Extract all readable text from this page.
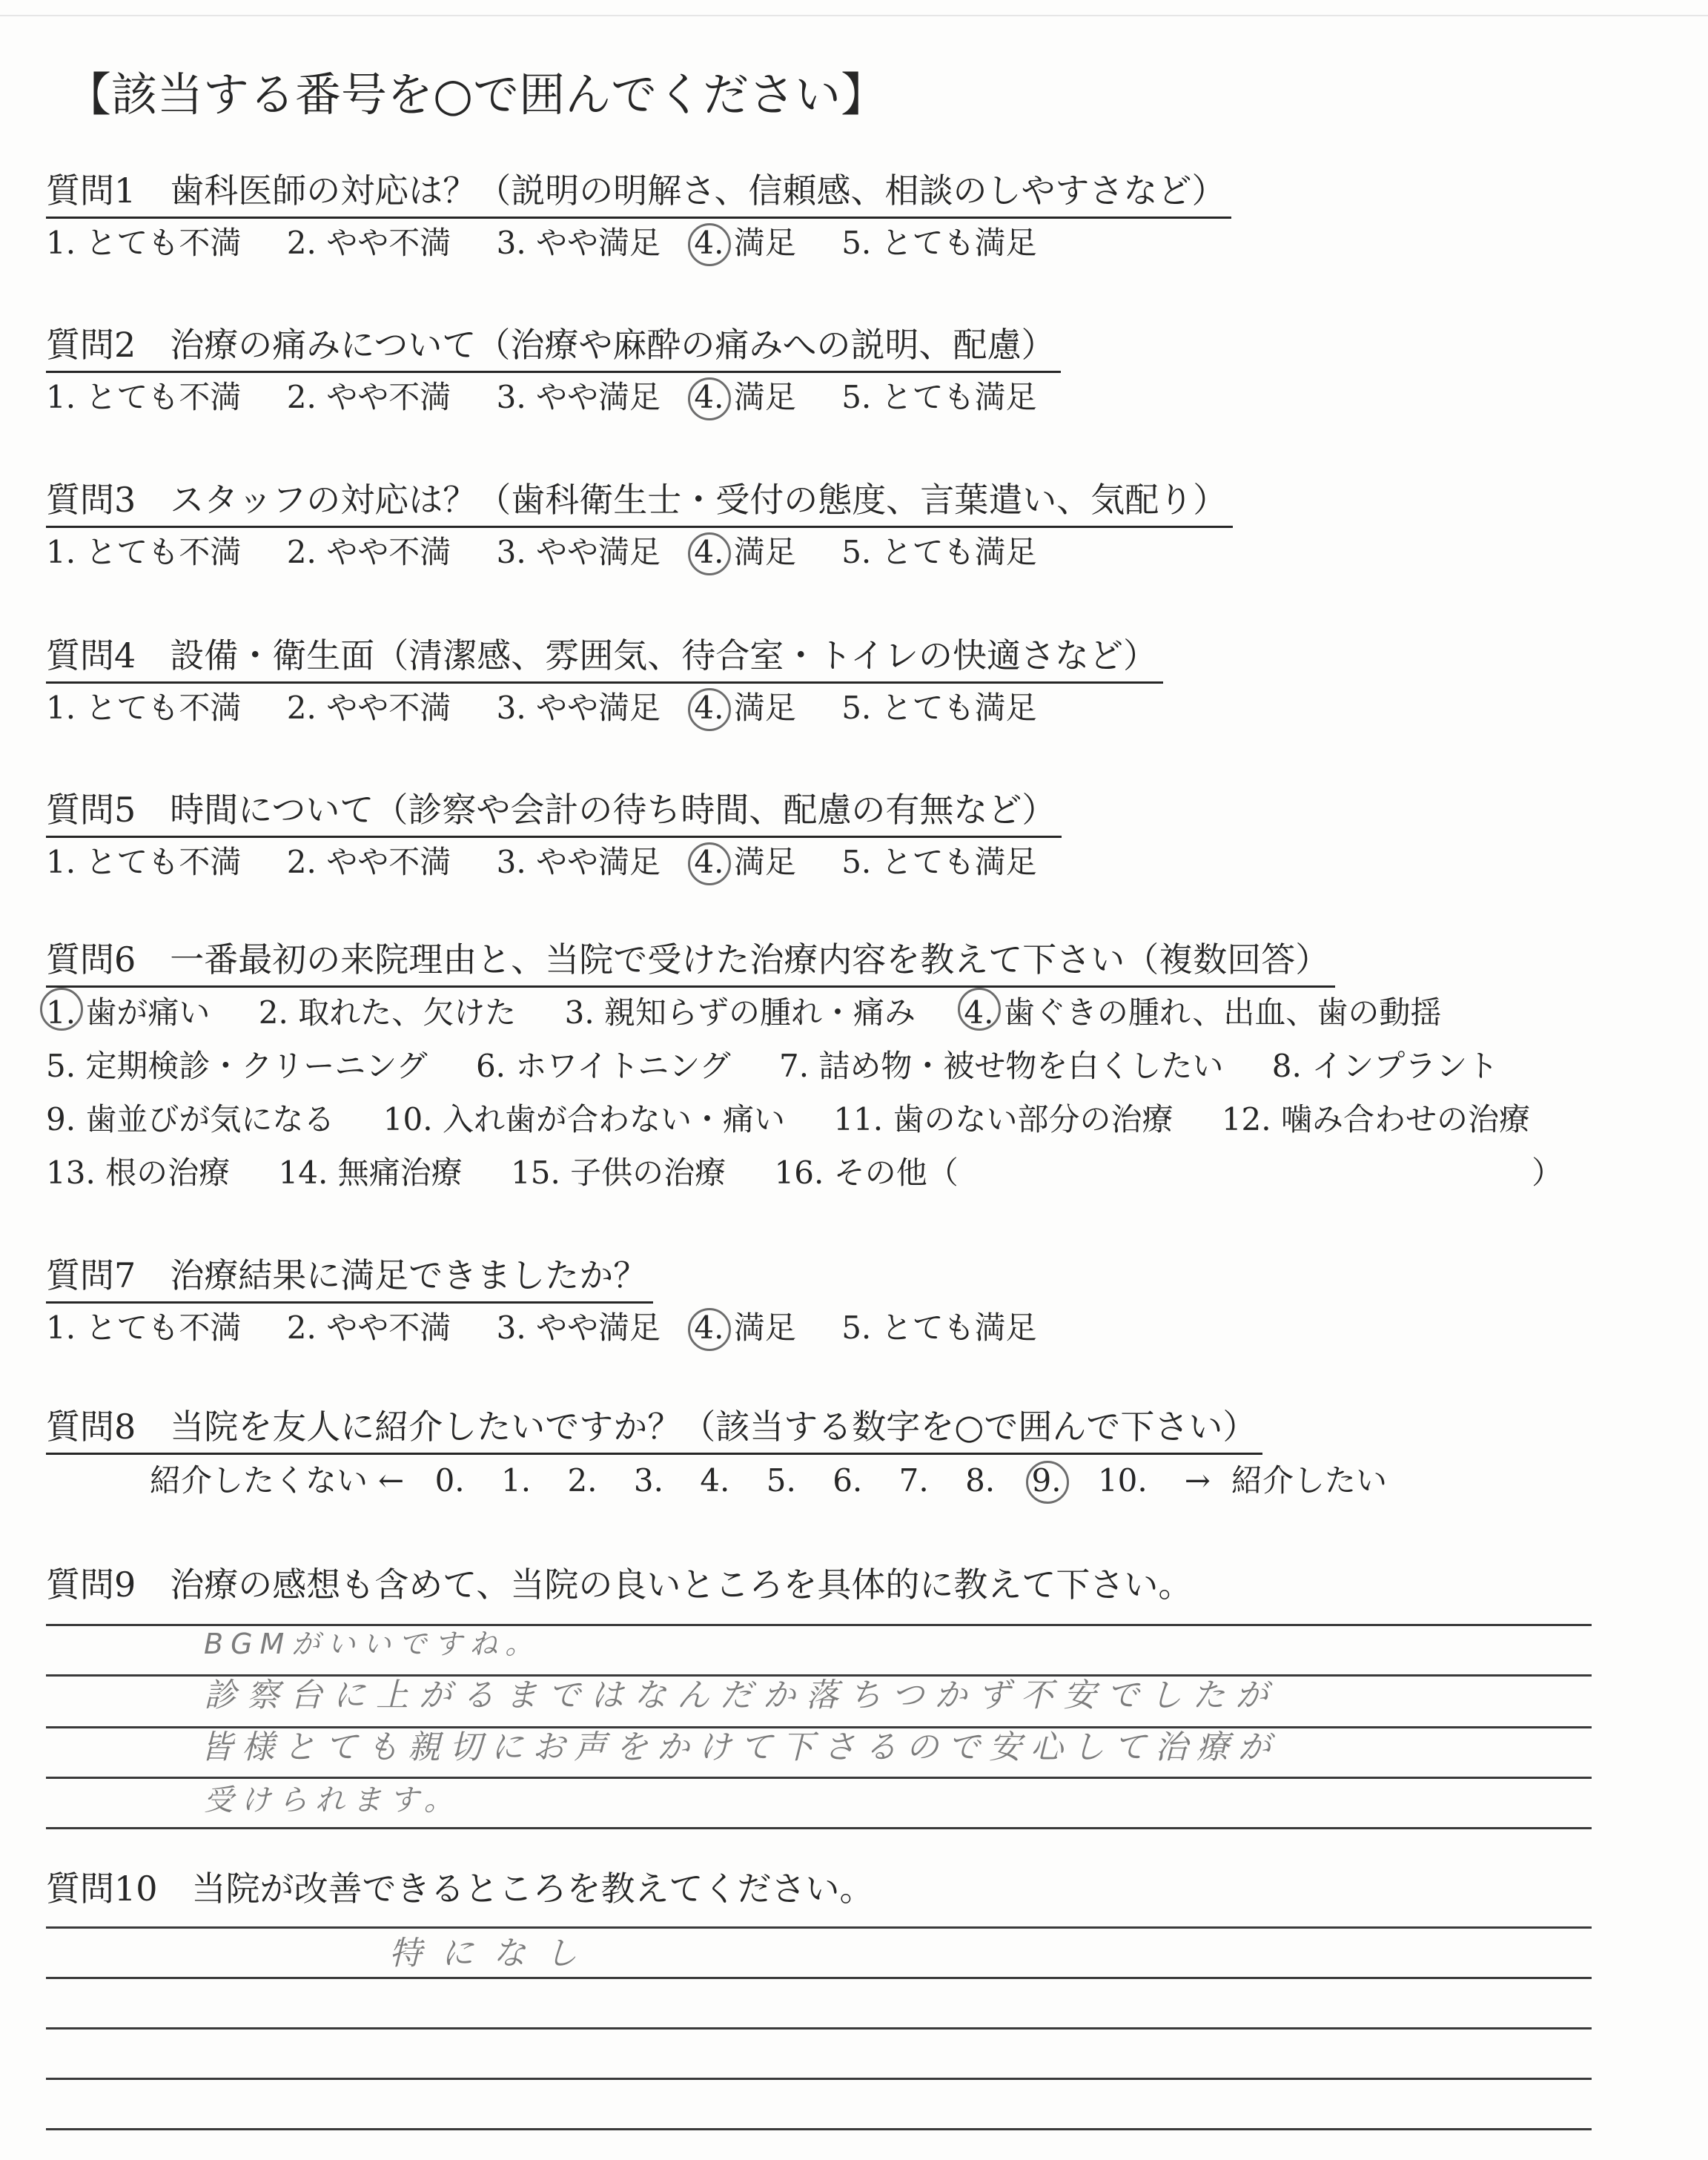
【該当する番号を○で囲んでください】
質問1　 歯科医師の対応は？（説明の明解さ、信頼感、相談のしやすさなど）
1. とても不満 2. やや不満 3. やや満足 4. 満足 5. とても満足
質問2　 治療の痛みについて（治療や麻酔の痛みへの説明、配慮）
1. とても不満 2. やや不満 3. やや満足 4. 満足 5. とても満足
質問3　 スタッフの対応は？（歯科衛生士・受付の態度、言葉遣い、気配り）
1. とても不満 2. やや不満 3. やや満足 4. 満足 5. とても満足
質問4　 設備・衛生面（清潔感、雰囲気、待合室・トイレの快適さなど）
1. とても不満 2. やや不満 3. やや満足 4. 満足 5. とても満足
質問5　 時間について（診察や会計の待ち時間、配慮の有無など）
1. とても不満 2. やや不満 3. やや満足 4. 満足 5. とても満足
質問6　 一番最初の来院理由と、当院で受けた治療内容を教えて下さい（複数回答）
1. 歯が痛い 2. 取れた、欠けた 3. 親知らずの腫れ・痛み 4. 歯ぐきの腫れ、出血、歯の動揺
5. 定期検診・クリーニング 6. ホワイトニング 7. 詰め物・被せ物を白くしたい 8. インプラント
9. 歯並びが気になる 10. 入れ歯が合わない・痛い 11. 歯のない部分の治療 12. 噛み合わせの治療
13. 根の治療 14. 無痛治療 15. 子供の治療 16. その他（	）
質問7　 治療結果に満足できましたか？
1. とても不満 2. やや不満 3. やや満足 4. 満足 5. とても満足
質問8　 当院を友人に紹介したいですか？（該当する数字を○で囲んで下さい）
紹介したくない ← 0. 1. 2. 3. 4. 5. 6. 7. 8. 9. 10. → 紹介したい
質問9　 治療の感想も含めて、当院の良いところを具体的に教えて下さい。
BGMがいいですね。
診察台に上がるまではなんだか落ちつかず不安でしたが
皆様とても親切にお声をかけて下さるので安心して治療が
受けられます。
質問10　 当院が改善できるところを教えてください。
特になし
